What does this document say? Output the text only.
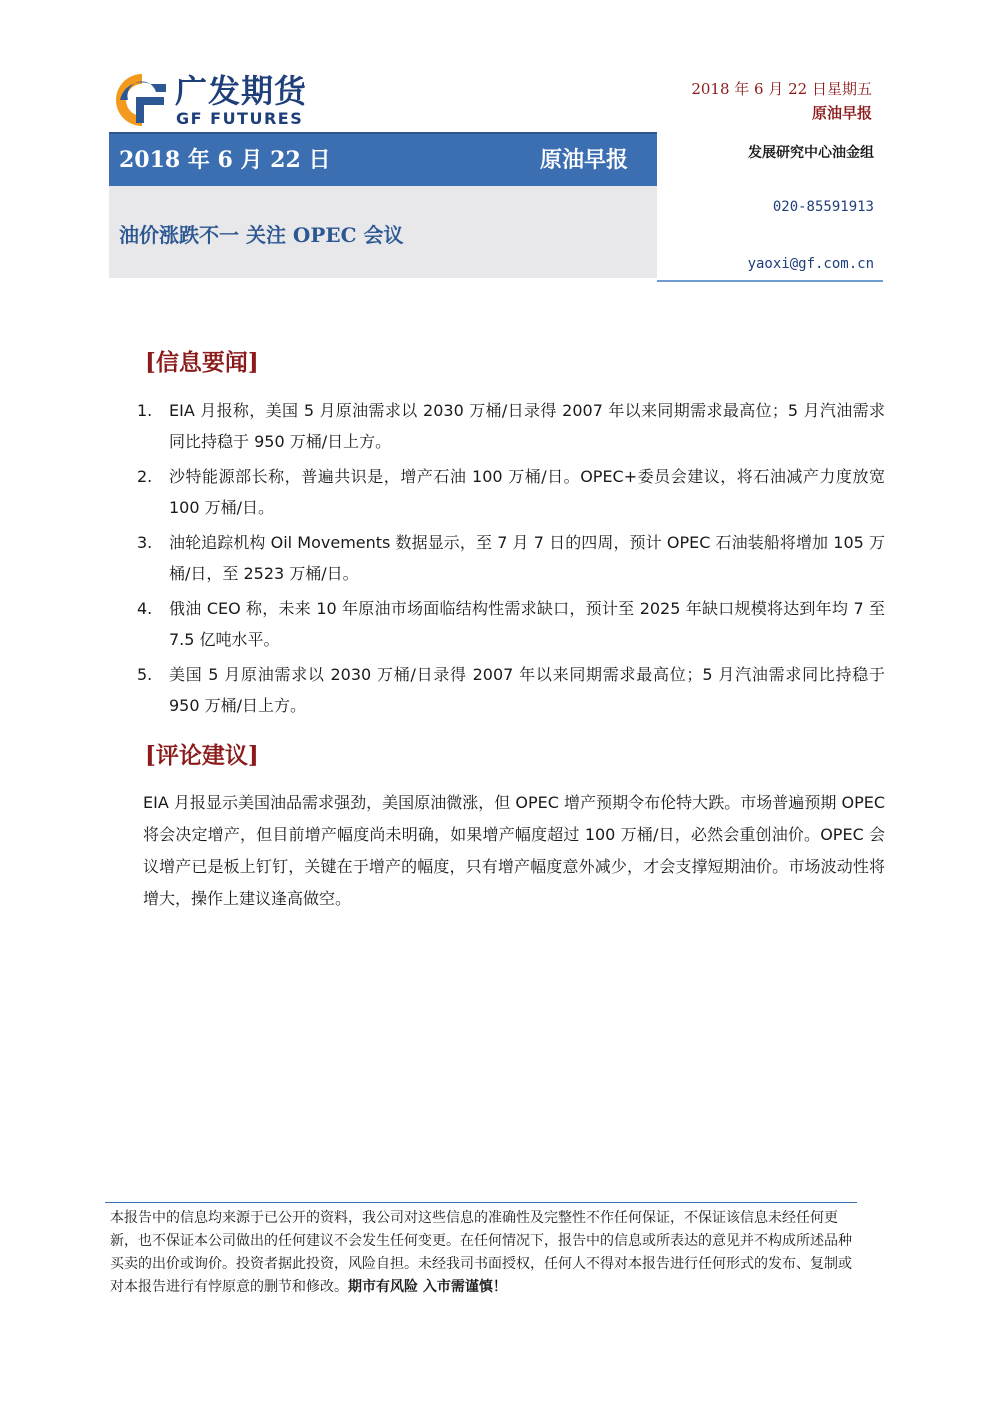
广发期货
GF FUTURES
2018 年 6 月 22 日星期五
原油早报
2018 年 6 月 22 日	原油早报
油价涨跌不一 关注 OPEC 会议
发展研究中心油金组
020-85591913
yaoxi@gf.com.cn
[信息要闻]
1. EIA 月报称，美国 5 月原油需求以 2030 万桶/日录得 2007 年以来同期需求最高位；5 月汽油需求同比持稳于 950 万桶/日上方。
2. 沙特能源部长称，普遍共识是，增产石油 100 万桶/日。OPEC+委员会建议，将石油减产力度放宽 100 万桶/日。
3. 油轮追踪机构 Oil Movements 数据显示，至 7 月 7 日的四周，预计 OPEC 石油装船将增加 105 万桶/日，至 2523 万桶/日。
4. 俄油 CEO 称，未来 10 年原油市场面临结构性需求缺口，预计至 2025 年缺口规模将达到年均 7 至 7.5 亿吨水平。
5. 美国 5 月原油需求以 2030 万桶/日录得 2007 年以来同期需求最高位；5 月汽油需求同比持稳于 950 万桶/日上方。
[评论建议]
EIA 月报显示美国油品需求强劲，美国原油微涨，但 OPEC 增产预期令布伦特大跌。市场普遍预期 OPEC 将会决定增产，但目前增产幅度尚未明确，如果增产幅度超过 100 万桶/日，必然会重创油价。OPEC 会议增产已是板上钉钉，关键在于增产的幅度，只有增产幅度意外减少，才会支撑短期油价。市场波动性将增大，操作上建议逢高做空。
本报告中的信息均来源于已公开的资料，我公司对这些信息的准确性及完整性不作任何保证，不保证该信息未经任何更新，也不保证本公司做出的任何建议不会发生任何变更。在任何情况下，报告中的信息或所表达的意见并不构成所述品种买卖的出价或询价。投资者据此投资，风险自担。未经我司书面授权，任何人不得对本报告进行任何形式的发布、复制或对本报告进行有悖原意的删节和修改。期市有风险 入市需谨慎！
